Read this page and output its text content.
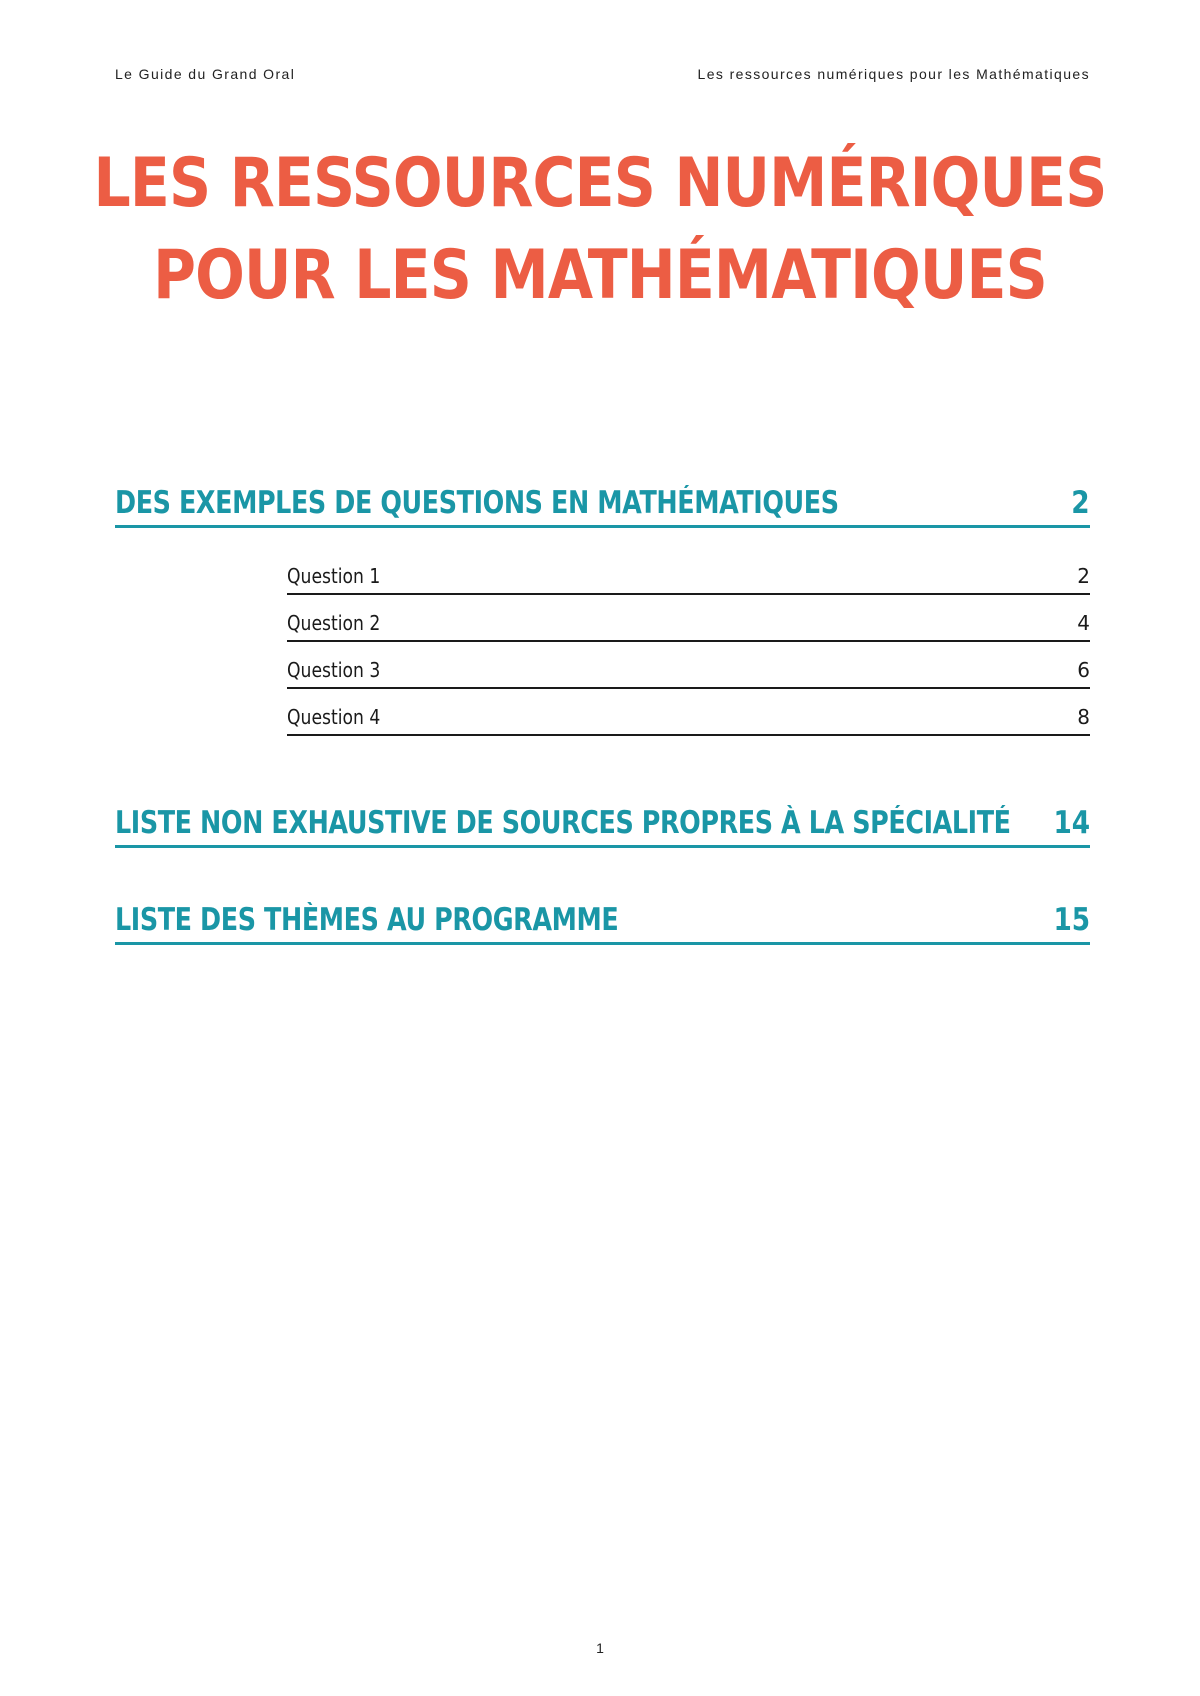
Le Guide du Grand Oral	Les ressources numériques pour les Mathématiques
LES RESSOURCES NUMÉRIQUES
POUR LES MATHÉMATIQUES
DES EXEMPLES DE QUESTIONS EN MATHÉMATIQUES	2
Question 1	2
Question 2	4
Question 3	6
Question 4	8
LISTE NON EXHAUSTIVE DE SOURCES PROPRES À LA SPÉCIALITÉ 14
LISTE DES THÈMES AU PROGRAMME	15
1
